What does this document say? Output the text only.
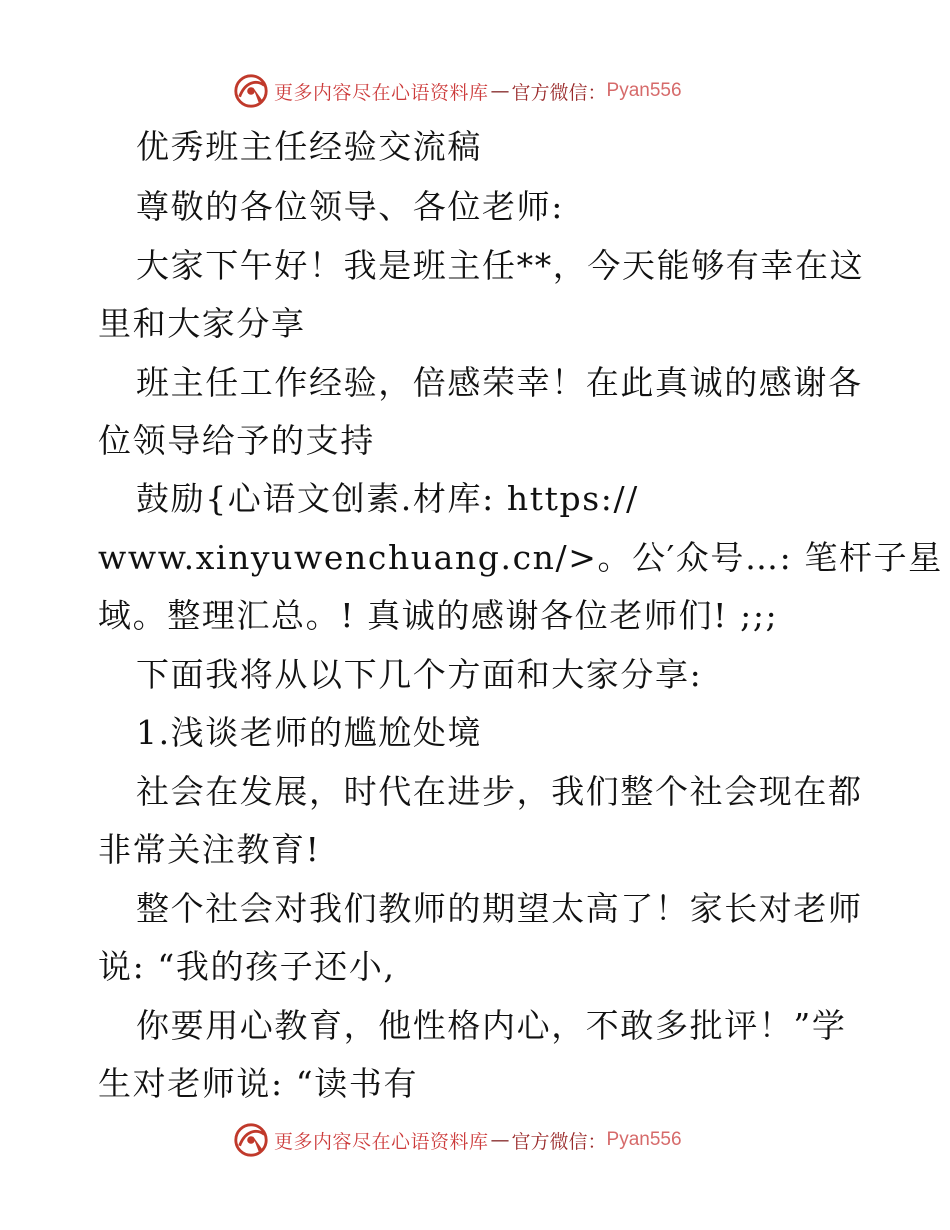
更多内容尽在心语资料库 — 官方微信： Pyan556
优秀班主任经验交流稿
尊敬的各位领导、各位老师:
大家下午好！我是班主任**，今天能够有幸在这
里和大家分享
班主任工作经验，倍感荣幸！在此真诚的感谢各
位领导给予的支持
鼓励{心语文创素.材库: https://
www.xinyuwenchuang.cn/>。公′众号…: 笔杆子星
域。整理汇总。! 真诚的感谢各位老师们! ;;;
下面我将从以下几个方面和大家分享:
1.浅谈老师的尴尬处境
社会在发展，时代在进步，我们整个社会现在都
非常关注教育!
整个社会对我们教师的期望太高了！家长对老师
说: “我的孩子还小,
你要用心教育，他性格内心，不敢多批评！”学
生对老师说: “读书有
更多内容尽在心语资料库 — 官方微信： Pyan556
